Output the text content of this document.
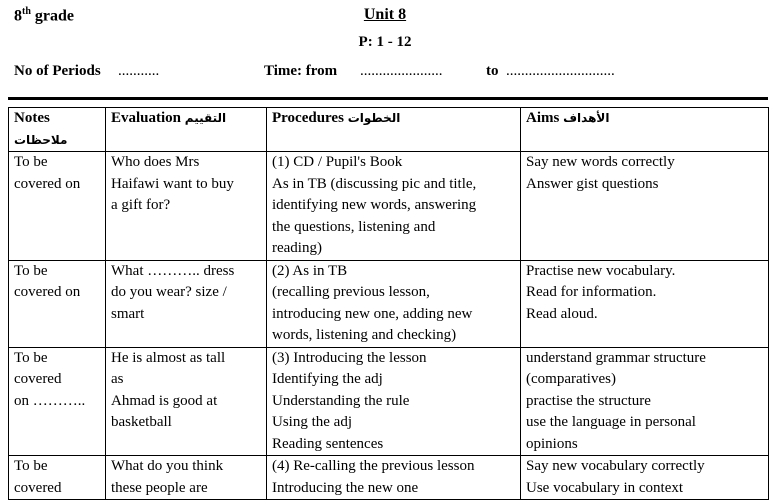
8th grade	Unit 8
P: 1 - 12
No of Periods ...........	Time: from ......................	to .............................
Notes
ملاحظات	Evaluation التقييم	Procedures الخطوات	Aims الأهداف

To be
covered on	Who does Mrs
Haifawi want to buy
a gift for?	(1) CD / Pupil's Book
As in TB (discussing pic and title,
identifying new words, answering
the questions, listening and
reading)	Say new words correctly
Answer gist questions

To be
covered on	What ……….. dress
do you wear? size /
smart	(2) As in TB
(recalling previous lesson,
introducing new one, adding new
words, listening and checking)	Practise new vocabulary.
Read for information.
Read aloud.

To be
covered
on ………..	He is almost as tall
as
Ahmad is good at
basketball	(3) Introducing the lesson
Identifying the adj
Understanding the rule
Using the adj
Reading sentences	understand grammar structure
(comparatives)
practise the structure
use the language in personal
opinions

To be
covered	What do you think
these people are	(4) Re-calling the previous lesson
Introducing the new one	Say new vocabulary correctly
Use vocabulary in context
